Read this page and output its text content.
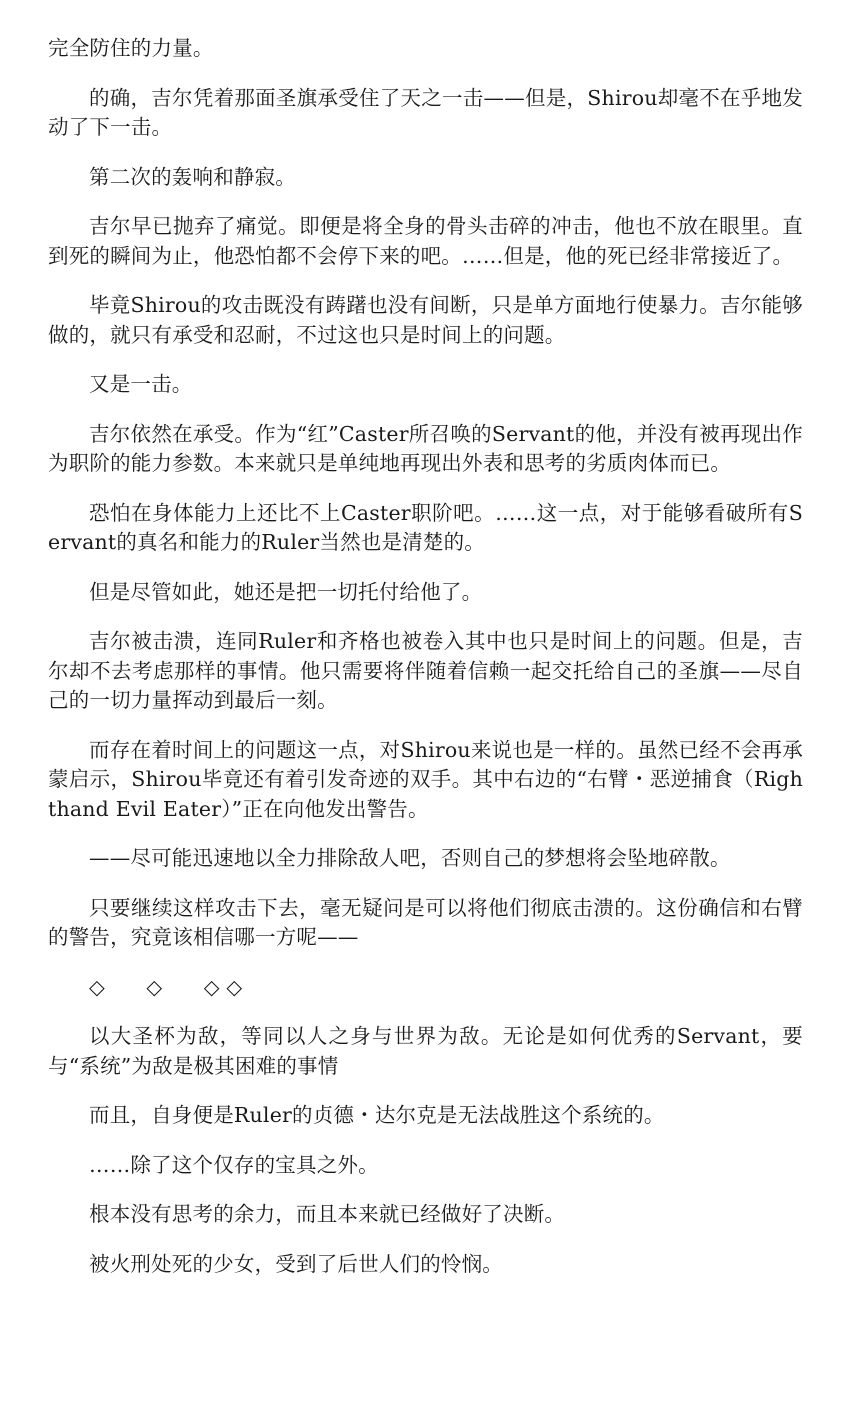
完全防住的力量。

的确，吉尔凭着那面圣旗承受住了天之一击——但是，Shirou却毫不在乎地发动了下一击。

第二次的轰响和静寂。

吉尔早已抛弃了痛觉。即便是将全身的骨头击碎的冲击，他也不放在眼里。直到死的瞬间为止，他恐怕都不会停下来的吧。……但是，他的死已经非常接近了。

毕竟Shirou的攻击既没有踌躇也没有间断，只是单方面地行使暴力。吉尔能够做的，就只有承受和忍耐，不过这也只是时间上的问题。

又是一击。

吉尔依然在承受。作为“红”Caster所召唤的Servant的他，并没有被再现出作为职阶的能力参数。本来就只是单纯地再现出外表和思考的劣质肉体而已。

恐怕在身体能力上还比不上Caster职阶吧。……这一点，对于能够看破所有Servant的真名和能力的Ruler当然也是清楚的。

但是尽管如此，她还是把一切托付给他了。

吉尔被击溃，连同Ruler和齐格也被卷入其中也只是时间上的问题。但是，吉尔却不去考虑那样的事情。他只需要将伴随着信赖一起交托给自己的圣旗——尽自己的一切力量挥动到最后一刻。

而存在着时间上的问题这一点，对Shirou来说也是一样的。虽然已经不会再承蒙启示，Shirou毕竟还有着引发奇迹的双手。其中右边的“右臂・恶逆捕食（Righthand Evil Eater）”正在向他发出警告。

——尽可能迅速地以全力排除敌人吧，否则自己的梦想将会坠地碎散。

只要继续这样攻击下去，毫无疑问是可以将他们彻底击溃的。这份确信和右臂的警告，究竟该相信哪一方呢——

◇　　◇　　◇ ◇

以大圣杯为敌，等同以人之身与世界为敌。无论是如何优秀的Servant，要与“系统”为敌是极其困难的事情

而且，自身便是Ruler的贞德・达尔克是无法战胜这个系统的。

……除了这个仅存的宝具之外。

根本没有思考的余力，而且本来就已经做好了决断。

被火刑处死的少女，受到了后世人们的怜悯。
